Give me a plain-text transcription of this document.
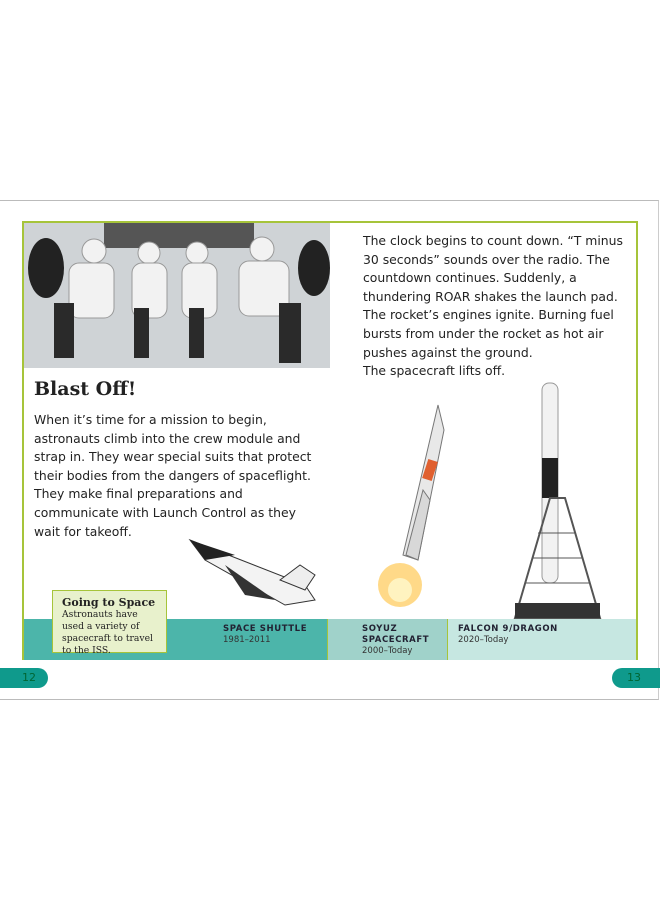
Blast Off!

When it’s time for a mission to begin, astronauts climb into the crew module and strap in. They wear special suits that protect their bodies from the dangers of spaceflight. They make final preparations and communicate with Launch Control as they wait for takeoff.

The clock begins to count down. “T minus 30 seconds” sounds over the radio. The countdown continues. Suddenly, a thundering ROAR shakes the launch pad. The rocket’s engines ignite. Burning fuel bursts from under the rocket as hot air pushes against the ground.
The spacecraft lifts off.
SPACE SHUTTLE
1981–2011
SOYUZ SPACECRAFT
2000–Today
FALCON 9/DRAGON
2020–Today
Going to Space
Astronauts have used a variety of spacecraft to travel to the ISS.
12	13
